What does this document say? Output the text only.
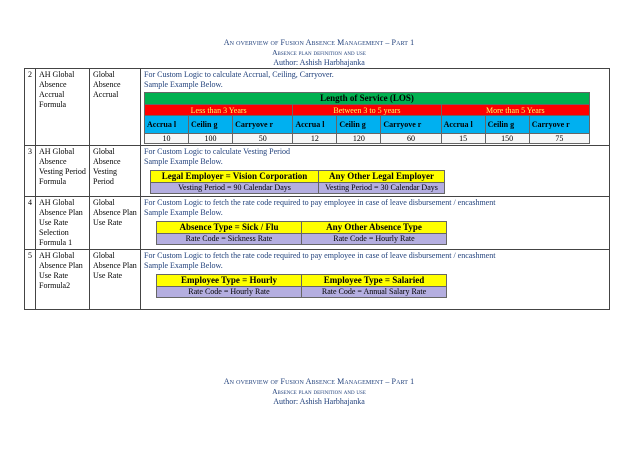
An overview of Fusion Absence Management – Part 1
Absence plan definition and use
Author: Ashish Harbhajanka
2	AH Global Absence Accrual Formula	Global Absence Accrual	
For Custom Logic to calculate Accrual, Ceiling, Carryover.
Sample Example Below.
Length of Service (LOS)
Less than 3 Years	Between 3 to 5 years	More than 5 Years
Accrua l	Ceilin g	Carryove r	Accrua l	Ceilin g	Carryove r	Accrua l	Ceilin g	Carryove r
10	100	50	12	120	60	15	150	75

3	AH Global Absence Vesting Period Formula	Global Absence Vesting Period	
For Custom Logic to calculate Vesting Period
Sample Example Below.
Legal Employer = Vision Corporation	Any Other Legal Employer
Vesting Period = 90 Calendar Days	Vesting Period = 30 Calendar Days

4	AH Global Absence Plan Use Rate Selection Formula 1	Global Absence Plan Use Rate	
For Custom Logic to fetch the rate code required to pay employee in case of leave disbursement / encashment
Sample Example Below.
Absence Type = Sick / Flu	Any Other Absence Type
Rate Code = Sickness Rate	Rate Code = Hourly Rate

5	AH Global Absence Plan Use Rate Formula2	Global Absence Plan Use Rate	
For Custom Logic to fetch the rate code required to pay employee in case of leave disbursement / encashment
Sample Example Below.
Employee Type = Hourly	Employee Type = Salaried
Rate Code = Hourly Rate	Rate Code = Annual Salary Rate
An overview of Fusion Absence Management – Part 1
Absence plan definition and use
Author: Ashish Harbhajanka
